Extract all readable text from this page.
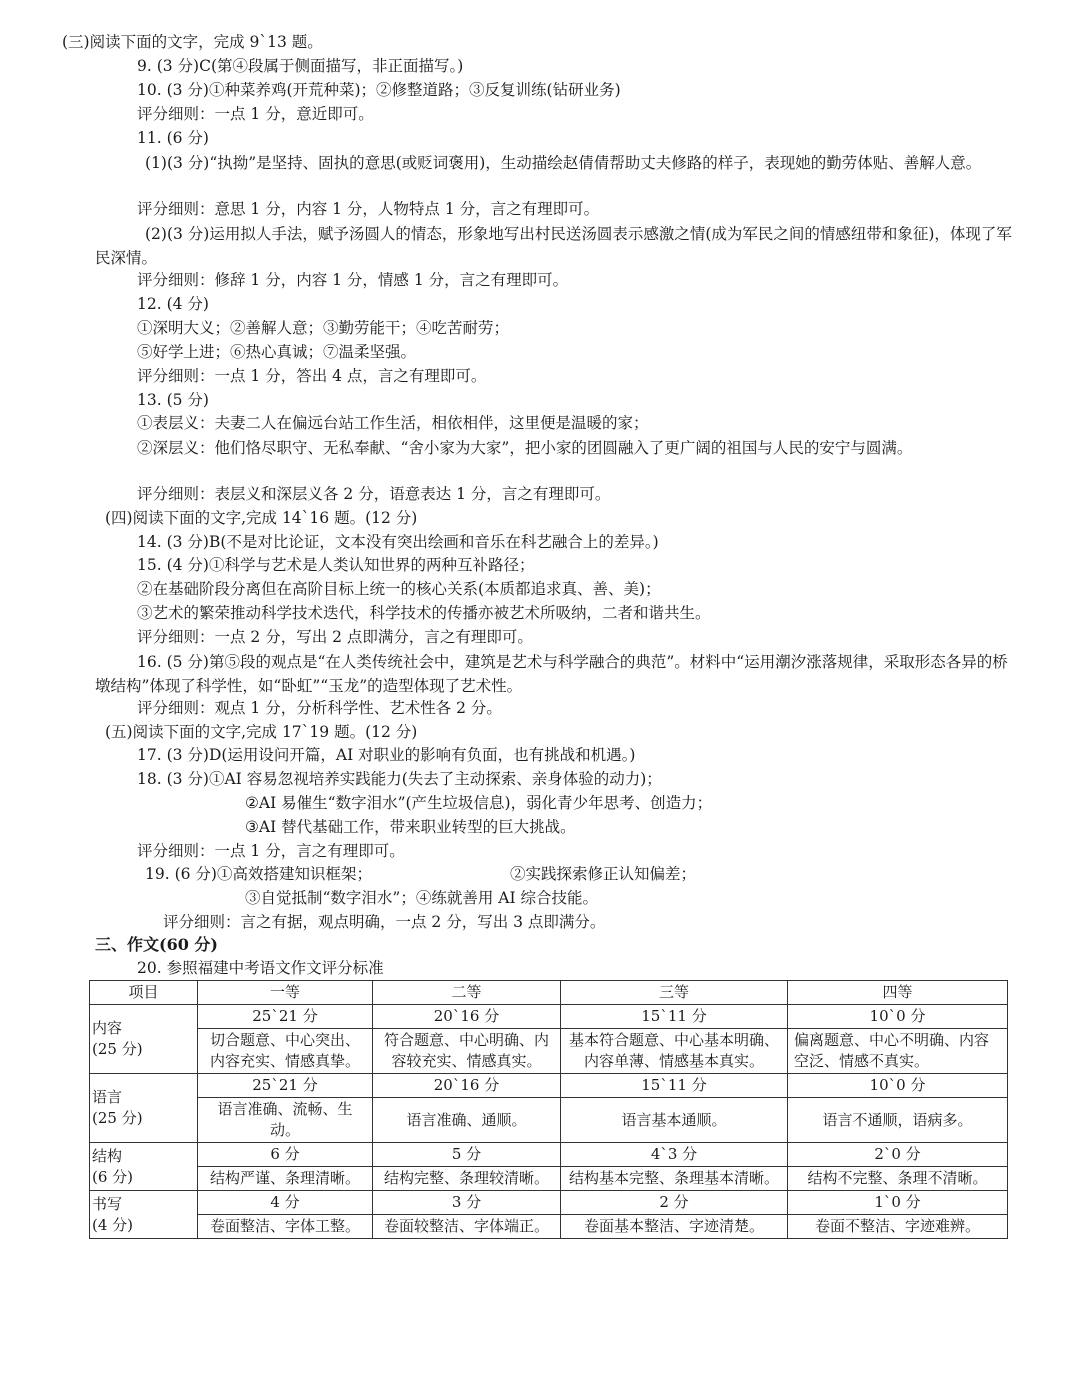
(三)阅读下面的文字，完成 9`13 题。
9. (3 分)C(第④段属于侧面描写，非正面描写。)
10. (3 分)①种菜养鸡(开荒种菜)；②修整道路；③反复训练(钻研业务)
评分细则：一点 1 分，意近即可。
11. (6 分)
(1)(3 分)“执拗”是坚持、固执的意思(或贬词褒用)，生动描绘赵倩倩帮助丈夫修路的样子，表现她的勤劳体贴、善解人意。
评分细则：意思 1 分，内容 1 分，人物特点 1 分，言之有理即可。
(2)(3 分)运用拟人手法，赋予汤圆人的情态，形象地写出村民送汤圆表示感激之情(成为军民之间的情感纽带和象征)，体现了军民深情。
评分细则：修辞 1 分，内容 1 分，情感 1 分，言之有理即可。
12. (4 分)
①深明大义；②善解人意；③勤劳能干；④吃苦耐劳；
⑤好学上进；⑥热心真诚；⑦温柔坚强。
评分细则：一点 1 分，答出 4 点，言之有理即可。
13. (5 分)
①表层义：夫妻二人在偏远台站工作生活，相依相伴，这里便是温暖的家；
②深层义：他们恪尽职守、无私奉献、“舍小家为大家”，把小家的团圆融入了更广阔的祖国与人民的安宁与圆满。
评分细则：表层义和深层义各 2 分，语意表达 1 分，言之有理即可。
(四)阅读下面的文字,完成 14`16 题。(12 分)
14. (3 分)B(不是对比论证，文本没有突出绘画和音乐在科艺融合上的差异。)
15. (4 分)①科学与艺术是人类认知世界的两种互补路径；
②在基础阶段分离但在高阶目标上统一的核心关系(本质都追求真、善、美)；
③艺术的繁荣推动科学技术迭代，科学技术的传播亦被艺术所吸纳，二者和谐共生。
评分细则：一点 2 分，写出 2 点即满分，言之有理即可。
16. (5 分)第⑤段的观点是“在人类传统社会中，建筑是艺术与科学融合的典范”。材料中“运用潮汐涨落规律，采取形态各异的桥墩结构”体现了科学性，如“卧虹”“玉龙”的造型体现了艺术性。
评分细则：观点 1 分，分析科学性、艺术性各 2 分。
(五)阅读下面的文字,完成 17`19 题。(12 分)
17. (3 分)D(运用设问开篇，AI 对职业的影响有负面，也有挑战和机遇。)
18. (3 分)①AI 容易忽视培养实践能力(失去了主动探索、亲身体验的动力)；
②AI 易催生“数字泪水”(产生垃圾信息)，弱化青少年思考、创造力；
③AI 替代基础工作，带来职业转型的巨大挑战。
评分细则：一点 1 分，言之有理即可。
19. (6 分)①高效搭建知识框架；	②实践探索修正认知偏差；
③自觉抵制“数字泪水”；④练就善用 AI 综合技能。
评分细则：言之有据，观点明确，一点 2 分，写出 3 点即满分。
三、作文(60 分)
20. 参照福建中考语文作文评分标准
项目	一等	二等	三等	四等

内容
(25 分)	25`21 分	20`16 分	15`11 分	10`0 分
	切合题意、中心突出、内容充实、情感真挚。	符合题意、中心明确、内容较充实、情感真实。	基本符合题意、中心基本明确、内容单薄、情感基本真实。	偏离题意、中心不明确、内容空泛、情感不真实。

语言
(25 分)	25`21 分	20`16 分	15`11 分	10`0 分
	语言准确、流畅、生动。	语言准确、通顺。	语言基本通顺。	语言不通顺，语病多。

结构
(6 分)	6 分	5 分	4`3 分	2`0 分
	结构严谨、条理清晰。	结构完整、条理较清晰。	结构基本完整、条理基本清晰。	结构不完整、条理不清晰。

书写
(4 分)	4 分	3 分	2 分	1`0 分
	卷面整洁、字体工整。	卷面较整洁、字体端正。	卷面基本整洁、字迹清楚。	卷面不整洁、字迹难辨。
